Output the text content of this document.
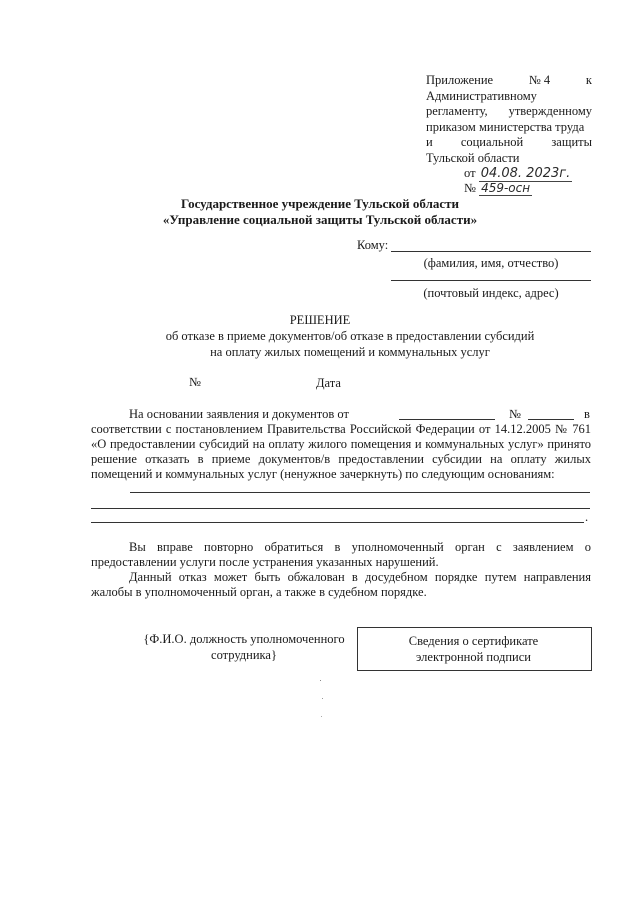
Приложение	№ 4	к
Административному
регламенту, утвержденному
приказом министерства труда
и социальной защиты
Тульской области
от 04.08. 2023г.
№ 459-осн
Государственное учреждение Тульской области
«Управление социальной защиты Тульской области»
Кому:
(фамилия, имя, отчество)
(почтовый индекс, адрес)
РЕШЕНИЕ
об отказе в приеме документов/об отказе в предоставлении субсидий
на оплату жилых помещений и коммунальных услуг
№	Дата
На основании заявления и документов от	№	в
соответствии с постановлением Правительства Российской Федерации от 14.12.2005 № 761
«О предоставлении субсидий на оплату жилого помещения и коммунальных услуг» принято
решение отказать в приеме документов/в предоставлении субсидии на оплату жилых
помещений и коммунальных услуг (ненужное зачеркнуть) по следующим основаниям:
.
Вы вправе повторно обратиться в уполномоченный орган с заявлением о
предоставлении услуги после устранения указанных нарушений.
Данный отказ может быть обжалован в досудебном порядке путем направления
жалобы в уполномоченный орган, а также в судебном порядке.
{Ф.И.О. должность уполномоченного
сотрудника}
Сведения о сертификате
электронной подписи
